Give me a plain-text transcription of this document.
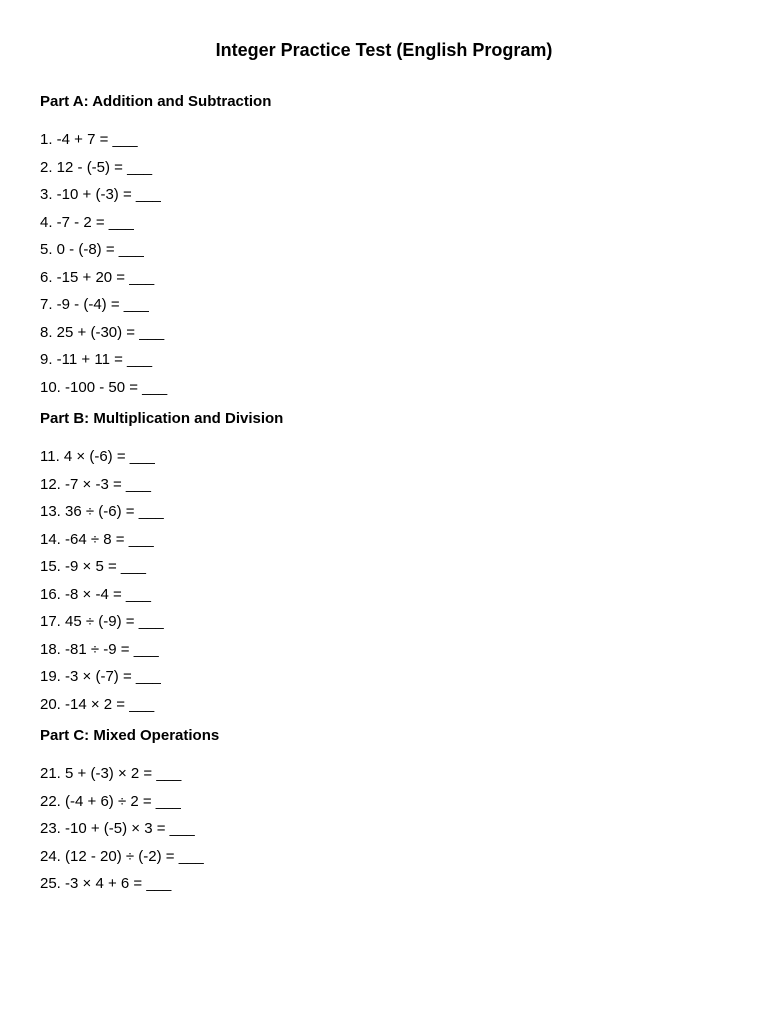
Integer Practice Test (English Program)
Part A: Addition and Subtraction
1. -4 + 7 = ___
2. 12 - (-5) = ___
3. -10 + (-3) = ___
4. -7 - 2 = ___
5. 0 - (-8) = ___
6. -15 + 20 = ___
7. -9 - (-4) = ___
8. 25 + (-30) = ___
9. -11 + 11 = ___
10. -100 - 50 = ___
Part B: Multiplication and Division
11. 4 × (-6) = ___
12. -7 × -3 = ___
13. 36 ÷ (-6) = ___
14. -64 ÷ 8 = ___
15. -9 × 5 = ___
16. -8 × -4 = ___
17. 45 ÷ (-9) = ___
18. -81 ÷ -9 = ___
19. -3 × (-7) = ___
20. -14 × 2 = ___
Part C: Mixed Operations
21. 5 + (-3) × 2 = ___
22. (-4 + 6) ÷ 2 = ___
23. -10 + (-5) × 3 = ___
24. (12 - 20) ÷ (-2) = ___
25. -3 × 4 + 6 = ___
